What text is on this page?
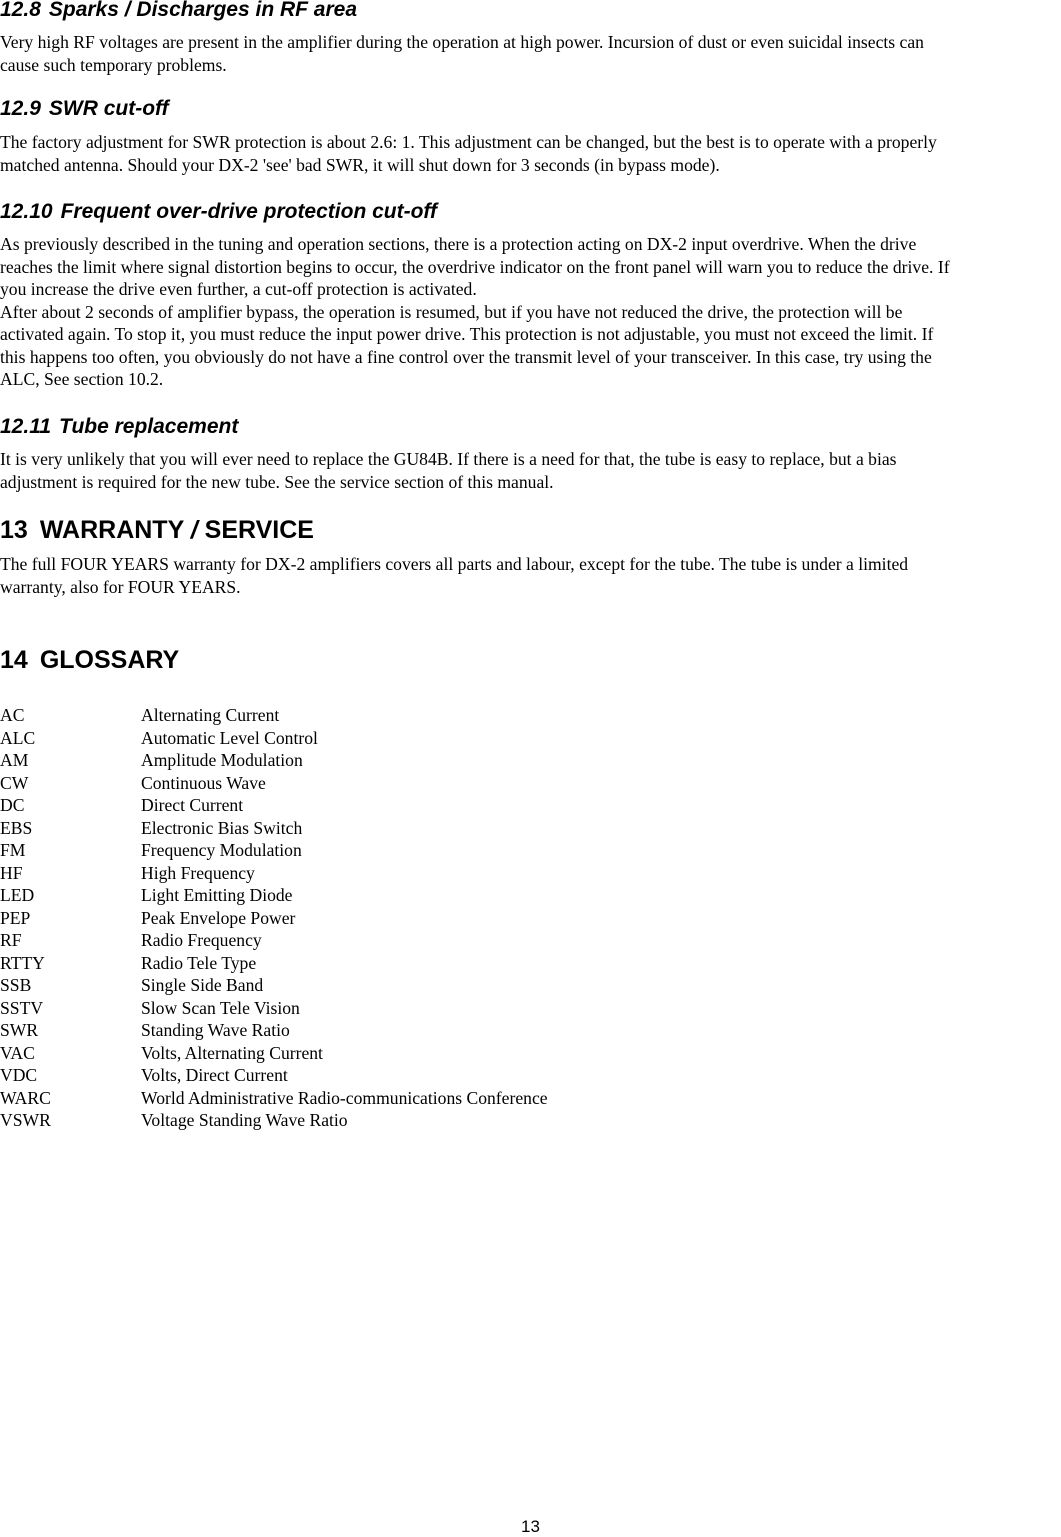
12.8 Sparks / Discharges in RF area

Very high RF voltages are present in the amplifier during the operation at high power. Incursion of dust or even suicidal insects can
cause such temporary problems.

12.9 SWR cut-off

The factory adjustment for SWR protection is about 2.6: 1. This adjustment can be changed, but the best is to operate with a properly
matched antenna. Should your DX-2 'see' bad SWR, it will shut down for 3 seconds (in bypass mode).

12.10 Frequent over-drive protection cut-off

As previously described in the tuning and operation sections, there is a protection acting on DX-2 input overdrive. When the drive
reaches the limit where signal distortion begins to occur, the overdrive indicator on the front panel will warn you to reduce the drive. If
you increase the drive even further, a cut-off protection is activated.
After about 2 seconds of amplifier bypass, the operation is resumed, but if you have not reduced the drive, the protection will be
activated again. To stop it, you must reduce the input power drive. This protection is not adjustable, you must not exceed the limit. If
this happens too often, you obviously do not have a fine control over the transmit level of your transceiver. In this case, try using the
ALC, See section 10.2.

12.11 Tube replacement

It is very unlikely that you will ever need to replace the GU84B. If there is a need for that, the tube is easy to replace, but a bias
adjustment is required for the new tube. See the service section of this manual.

13 WARRANTY / SERVICE

The full FOUR YEARS warranty for DX-2 amplifiers covers all parts and labour, except for the tube. The tube is under a limited
warranty, also for FOUR YEARS.

14 GLOSSARY
AC	Alternating Current
ALC	Automatic Level Control
AM	Amplitude Modulation
CW	Continuous Wave
DC	Direct Current
EBS	Electronic Bias Switch
FM	Frequency Modulation
HF	High Frequency
LED	Light Emitting Diode
PEP	Peak Envelope Power
RF	Radio Frequency
RTTY	Radio Tele Type
SSB	Single Side Band
SSTV	Slow Scan Tele Vision
SWR	Standing Wave Ratio
VAC	Volts, Alternating Current
VDC	Volts, Direct Current
WARC	World Administrative Radio-communications Conference
VSWR	Voltage Standing Wave Ratio
13
